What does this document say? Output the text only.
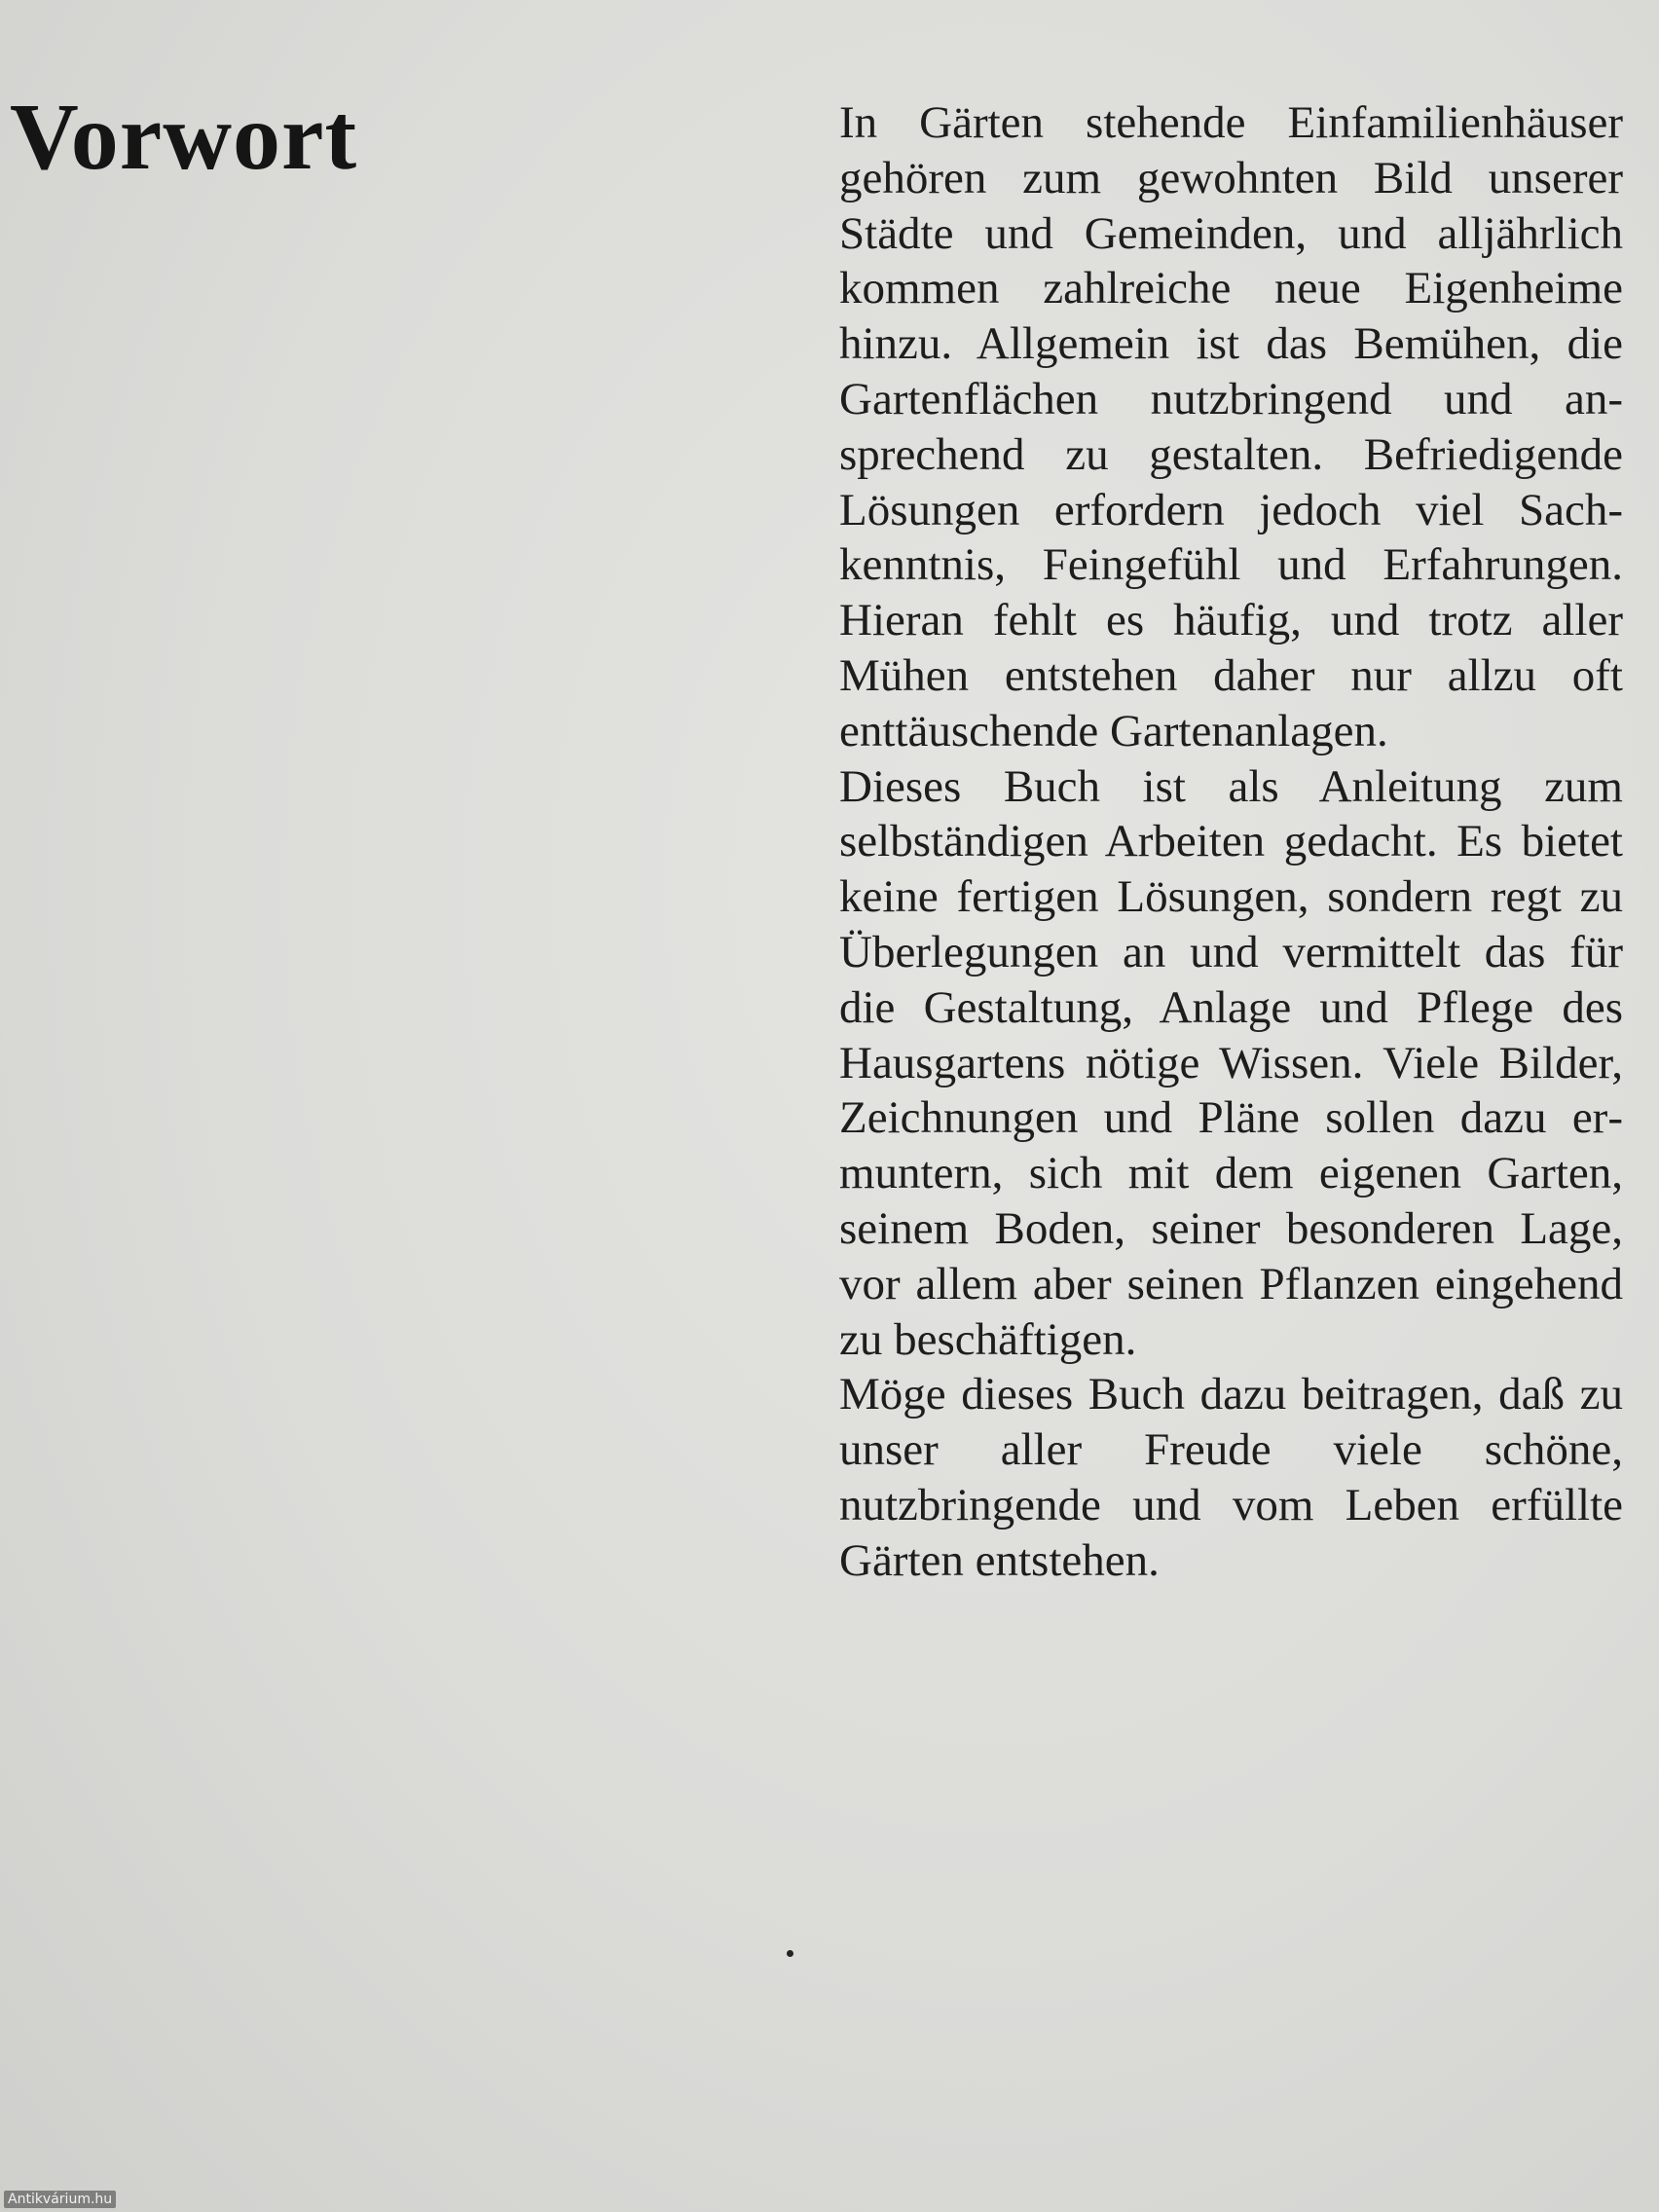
Vorwort	In Gärten stehende Einfamilienhäuser gehören zum gewohnten Bild unserer Städte und Gemeinden, und alljährlich kommen zahlreiche neue Eigenheime hinzu. Allgemein ist das Bemühen, die Gartenflächen nutzbringend und ansprechend zu gestalten. Befriedigende Lösungen erfordern jedoch viel Sachkenntnis, Feingefühl und Erfahrungen. Hieran fehlt es häufig, und trotz aller Mühen entstehen daher nur allzu oft enttäuschende Gartenanlagen.

Dieses Buch ist als Anleitung zum selbständigen Arbeiten gedacht. Es bietet keine fertigen Lösungen, sondern regt zu Überlegungen an und vermittelt das für die Gestaltung, Anlage und Pflege des Hausgartens nötige Wissen. Viele Bilder, Zeichnungen und Pläne sollen dazu ermuntern, sich mit dem eigenen Garten, seinem Boden, seiner besonderen Lage, vor allem aber seinen Pflanzen eingehend zu beschäftigen.

Möge dieses Buch dazu beitragen, daß zu unser aller Freude viele schöne, nutzbringende und vom Leben erfüllte Gärten entstehen.

Antikvárium.hu
